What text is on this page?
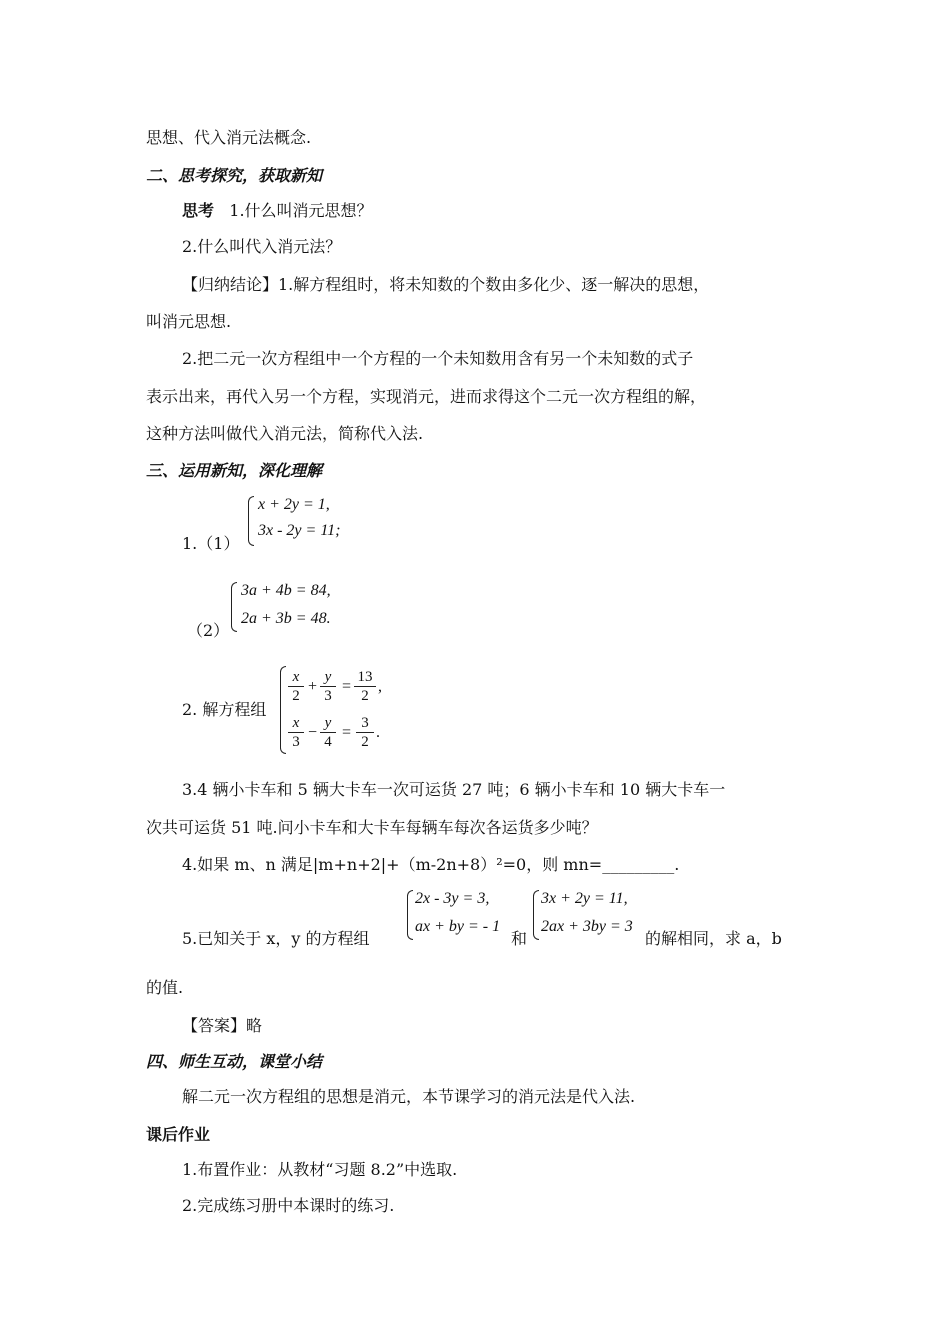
思想、代入消元法概念.
二、思考探究，获取新知
思考 1.什么叫消元思想？
2.什么叫代入消元法？
【归纳结论】1.解方程组时，将未知数的个数由多化少、逐一解决的思想，
叫消元思想.
2.把二元一次方程组中一个方程的一个未知数用含有另一个未知数的式子
表示出来，再代入另一个方程，实现消元，进而求得这个二元一次方程组的解，
这种方法叫做代入消元法，简称代入法.
三、运用新知，深化理解
1.（1）
x + 2y = 1,
3x - 2y = 11;
（2）
3a + 4b = 84,
2a + 3b = 48.
2. 解方程组
$\frac{x}{2} + \frac{y}{3} = \frac{13}{2}$ ,
$\frac{x}{3} - \frac{y}{4} = \frac{3}{2}$ .
3.4 辆小卡车和 5 辆大卡车一次可运货 27 吨；6 辆小卡车和 10 辆大卡车一
次共可运货 51 吨.问小卡车和大卡车每辆车每次各运货多少吨？
4.如果 m、n 满足|m+n+2|+（m-2n+8）²=0，则 mn=_________.
5.已知关于 x，y 的方程组
2x - 3y = 3,
ax + by = - 1
和
3x + 2y = 11,
2ax + 3by = 3
的解相同，求 a，b
的值.
【答案】略
四、师生互动，课堂小结
解二元一次方程组的思想是消元，本节课学习的消元法是代入法.
课后作业
1.布置作业：从教材“习题 8.2”中选取.
2.完成练习册中本课时的练习.
